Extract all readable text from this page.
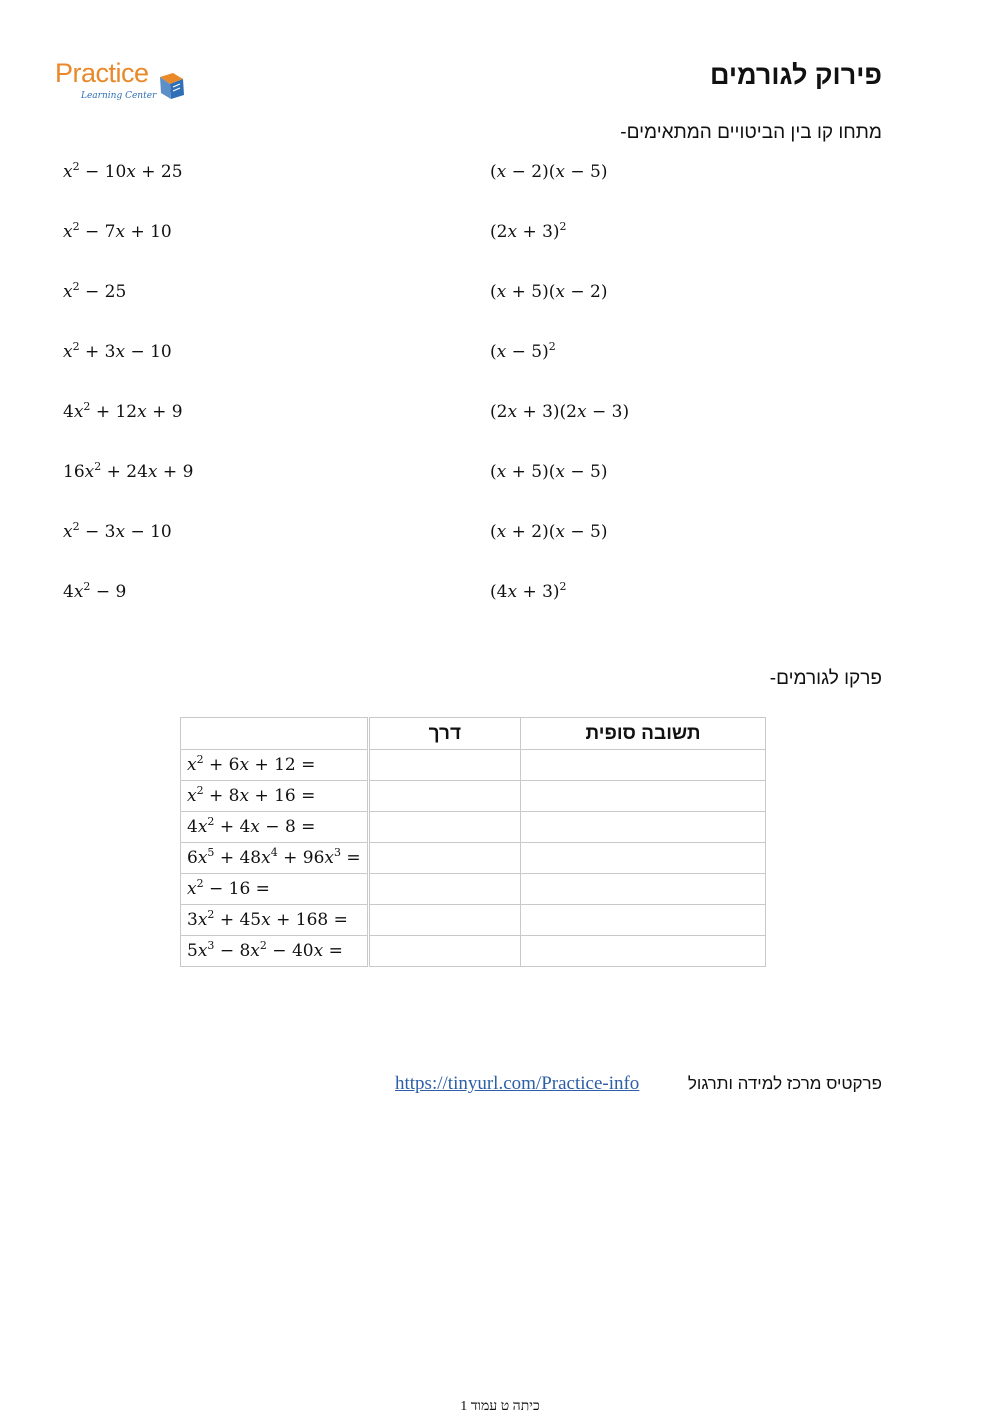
Practice
Learning Center
פירוק לגורמים
מתחו קו בין הביטויים המתאימים-
$x^2 - 10x + 25$
$x^2 - 7x + 10$
$x^2 - 25$
$x^2 + 3x - 10$
$4x^2 + 12x + 9$
$16x^2 + 24x + 9$
$x^2 - 3x - 10$
$4x^2 - 9$
(x − 2)(x − 5)
$(2x + 3)^2$
(x + 5)(x − 2)
$(x - 5)^2$
(2x + 3)(2x − 3)
(x + 5)(x − 5)
(x + 2)(x − 5)
$(4x + 3)^2$
פרקו לגורמים-
	דרך	תשובה סופית
$x^2 + 6x + 12$ =		
$x^2 + 8x + 16$ =		
$4x^2 + 4x - 8$ =		
$6x^5 + 48x^4 + 96x^3$ =		
$x^2 - 16$ =		
$3x^2 + 45x + 168$ =		
$5x^3 - 8x^2 - 40x$ =		
פרקטיס מרכז למידה ותרגול
https://tinyurl.com/Practice-info
כיתה ט עמוד 1
